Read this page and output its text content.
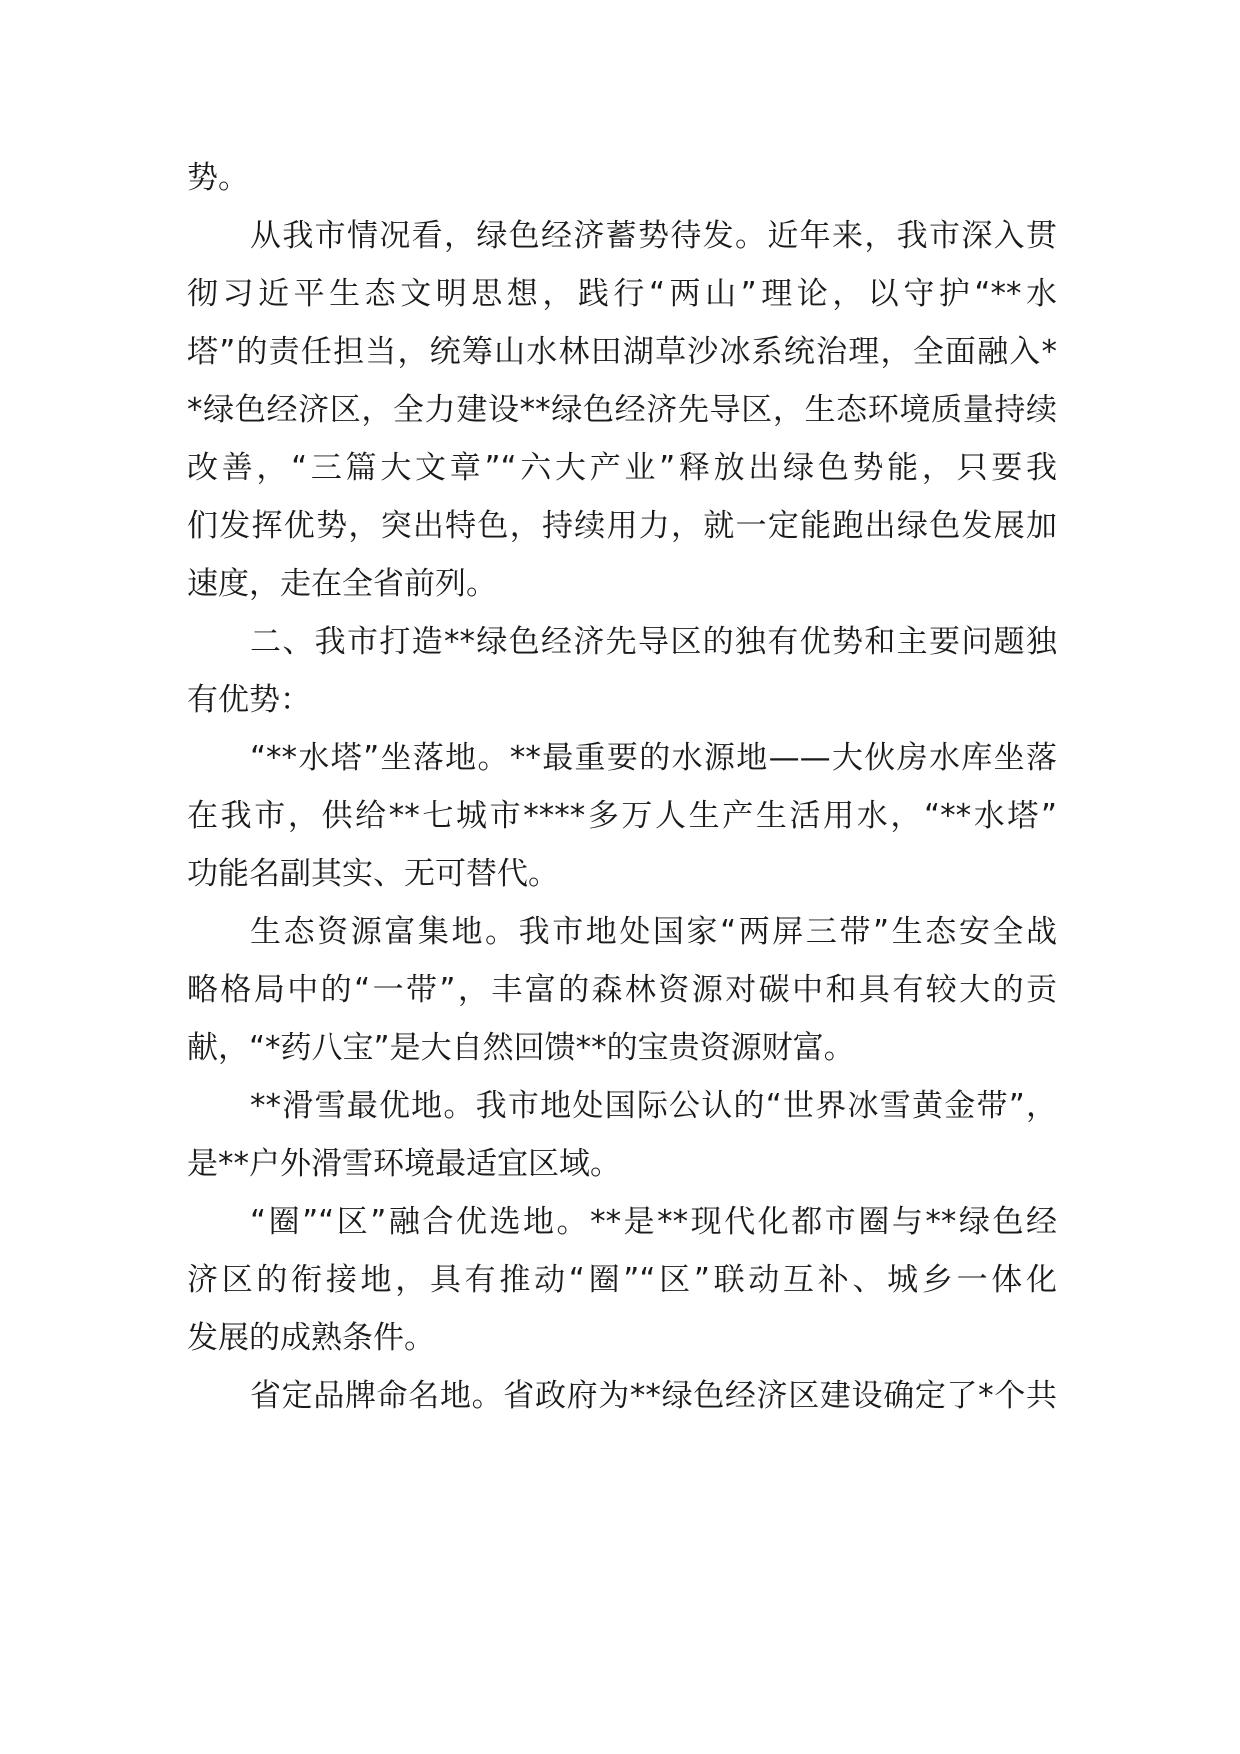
势。
从我市情况看，绿色经济蓄势待发。近年来，我市深入贯
彻习近平生态文明思想，践行“两山”理论，以守护“**水
塔”的责任担当，统筹山水林田湖草沙冰系统治理，全面融入*
*绿色经济区，全力建设**绿色经济先导区，生态环境质量持续
改善，“三篇大文章”“六大产业”释放出绿色势能，只要我
们发挥优势，突出特色，持续用力，就一定能跑出绿色发展加
速度，走在全省前列。
二、我市打造**绿色经济先导区的独有优势和主要问题独
有优势：
“**水塔”坐落地。**最重要的水源地——大伙房水库坐落
在我市，供给**七城市****多万人生产生活用水，“**水塔”
功能名副其实、无可替代。
生态资源富集地。我市地处国家“两屏三带”生态安全战
略格局中的“一带”，丰富的森林资源对碳中和具有较大的贡
献，“*药八宝”是大自然回馈**的宝贵资源财富。
**滑雪最优地。我市地处国际公认的“世界冰雪黄金带”，
是**户外滑雪环境最适宜区域。
“圈”“区”融合优选地。**是**现代化都市圈与**绿色经
济区的衔接地，具有推动“圈”“区”联动互补、城乡一体化
发展的成熟条件。
省定品牌命名地。省政府为**绿色经济区建设确定了*个共
